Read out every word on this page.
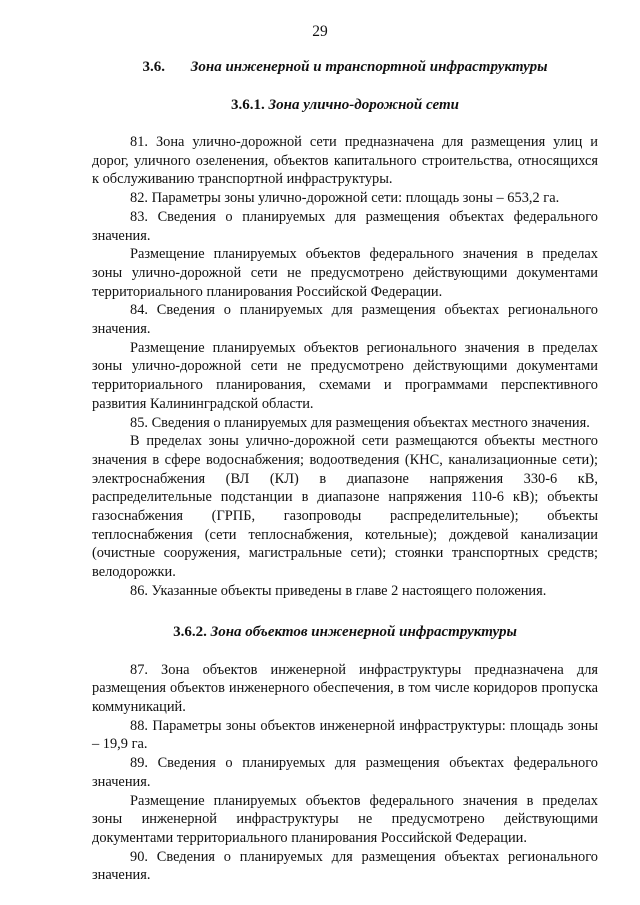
29
3.6. Зона инженерной и транспортной инфраструктуры
3.6.1. Зона улично-дорожной сети

81. Зона улично-дорожной сети предназначена для размещения улиц и дорог, уличного озеленения, объектов капитального строительства, относящихся к обслуживанию транспортной инфраструктуры.

82. Параметры зоны улично-дорожной сети: площадь зоны – 653,2 га.

83. Сведения о планируемых для размещения объектах федерального значения.

Размещение планируемых объектов федерального значения в пределах зоны улично-дорожной сети не предусмотрено действующими документами территориального планирования Российской Федерации.

84. Сведения о планируемых для размещения объектах регионального значения.

Размещение планируемых объектов регионального значения в пределах зоны улично-дорожной сети не предусмотрено действующими документами территориального планирования, схемами и программами перспективного развития Калининградской области.

85. Сведения о планируемых для размещения объектах местного значения.

В пределах зоны улично-дорожной сети размещаются объекты местного значения в сфере водоснабжения; водоотведения (КНС, канализационные сети); электроснабжения (ВЛ (КЛ) в диапазоне напряжения 330-6 кВ, распределительные подстанции в диапазоне напряжения 110-6 кВ); объекты газоснабжения (ГРПБ, газопроводы распределительные); объекты теплоснабжения (сети теплоснабжения, котельные); дождевой канализации (очистные сооружения, магистральные сети); стоянки транспортных средств; велодорожки.

86. Указанные объекты приведены в главе 2 настоящего положения.

3.6.2. Зона объектов инженерной инфраструктуры

87. Зона объектов инженерной инфраструктуры предназначена для размещения объектов инженерного обеспечения, в том числе коридоров пропуска коммуникаций.

88. Параметры зоны объектов инженерной инфраструктуры: площадь зоны – 19,9 га.

89. Сведения о планируемых для размещения объектах федерального значения.

Размещение планируемых объектов федерального значения в пределах зоны инженерной инфраструктуры не предусмотрено действующими документами территориального планирования Российской Федерации.

90. Сведения о планируемых для размещения объектах регионального значения.
